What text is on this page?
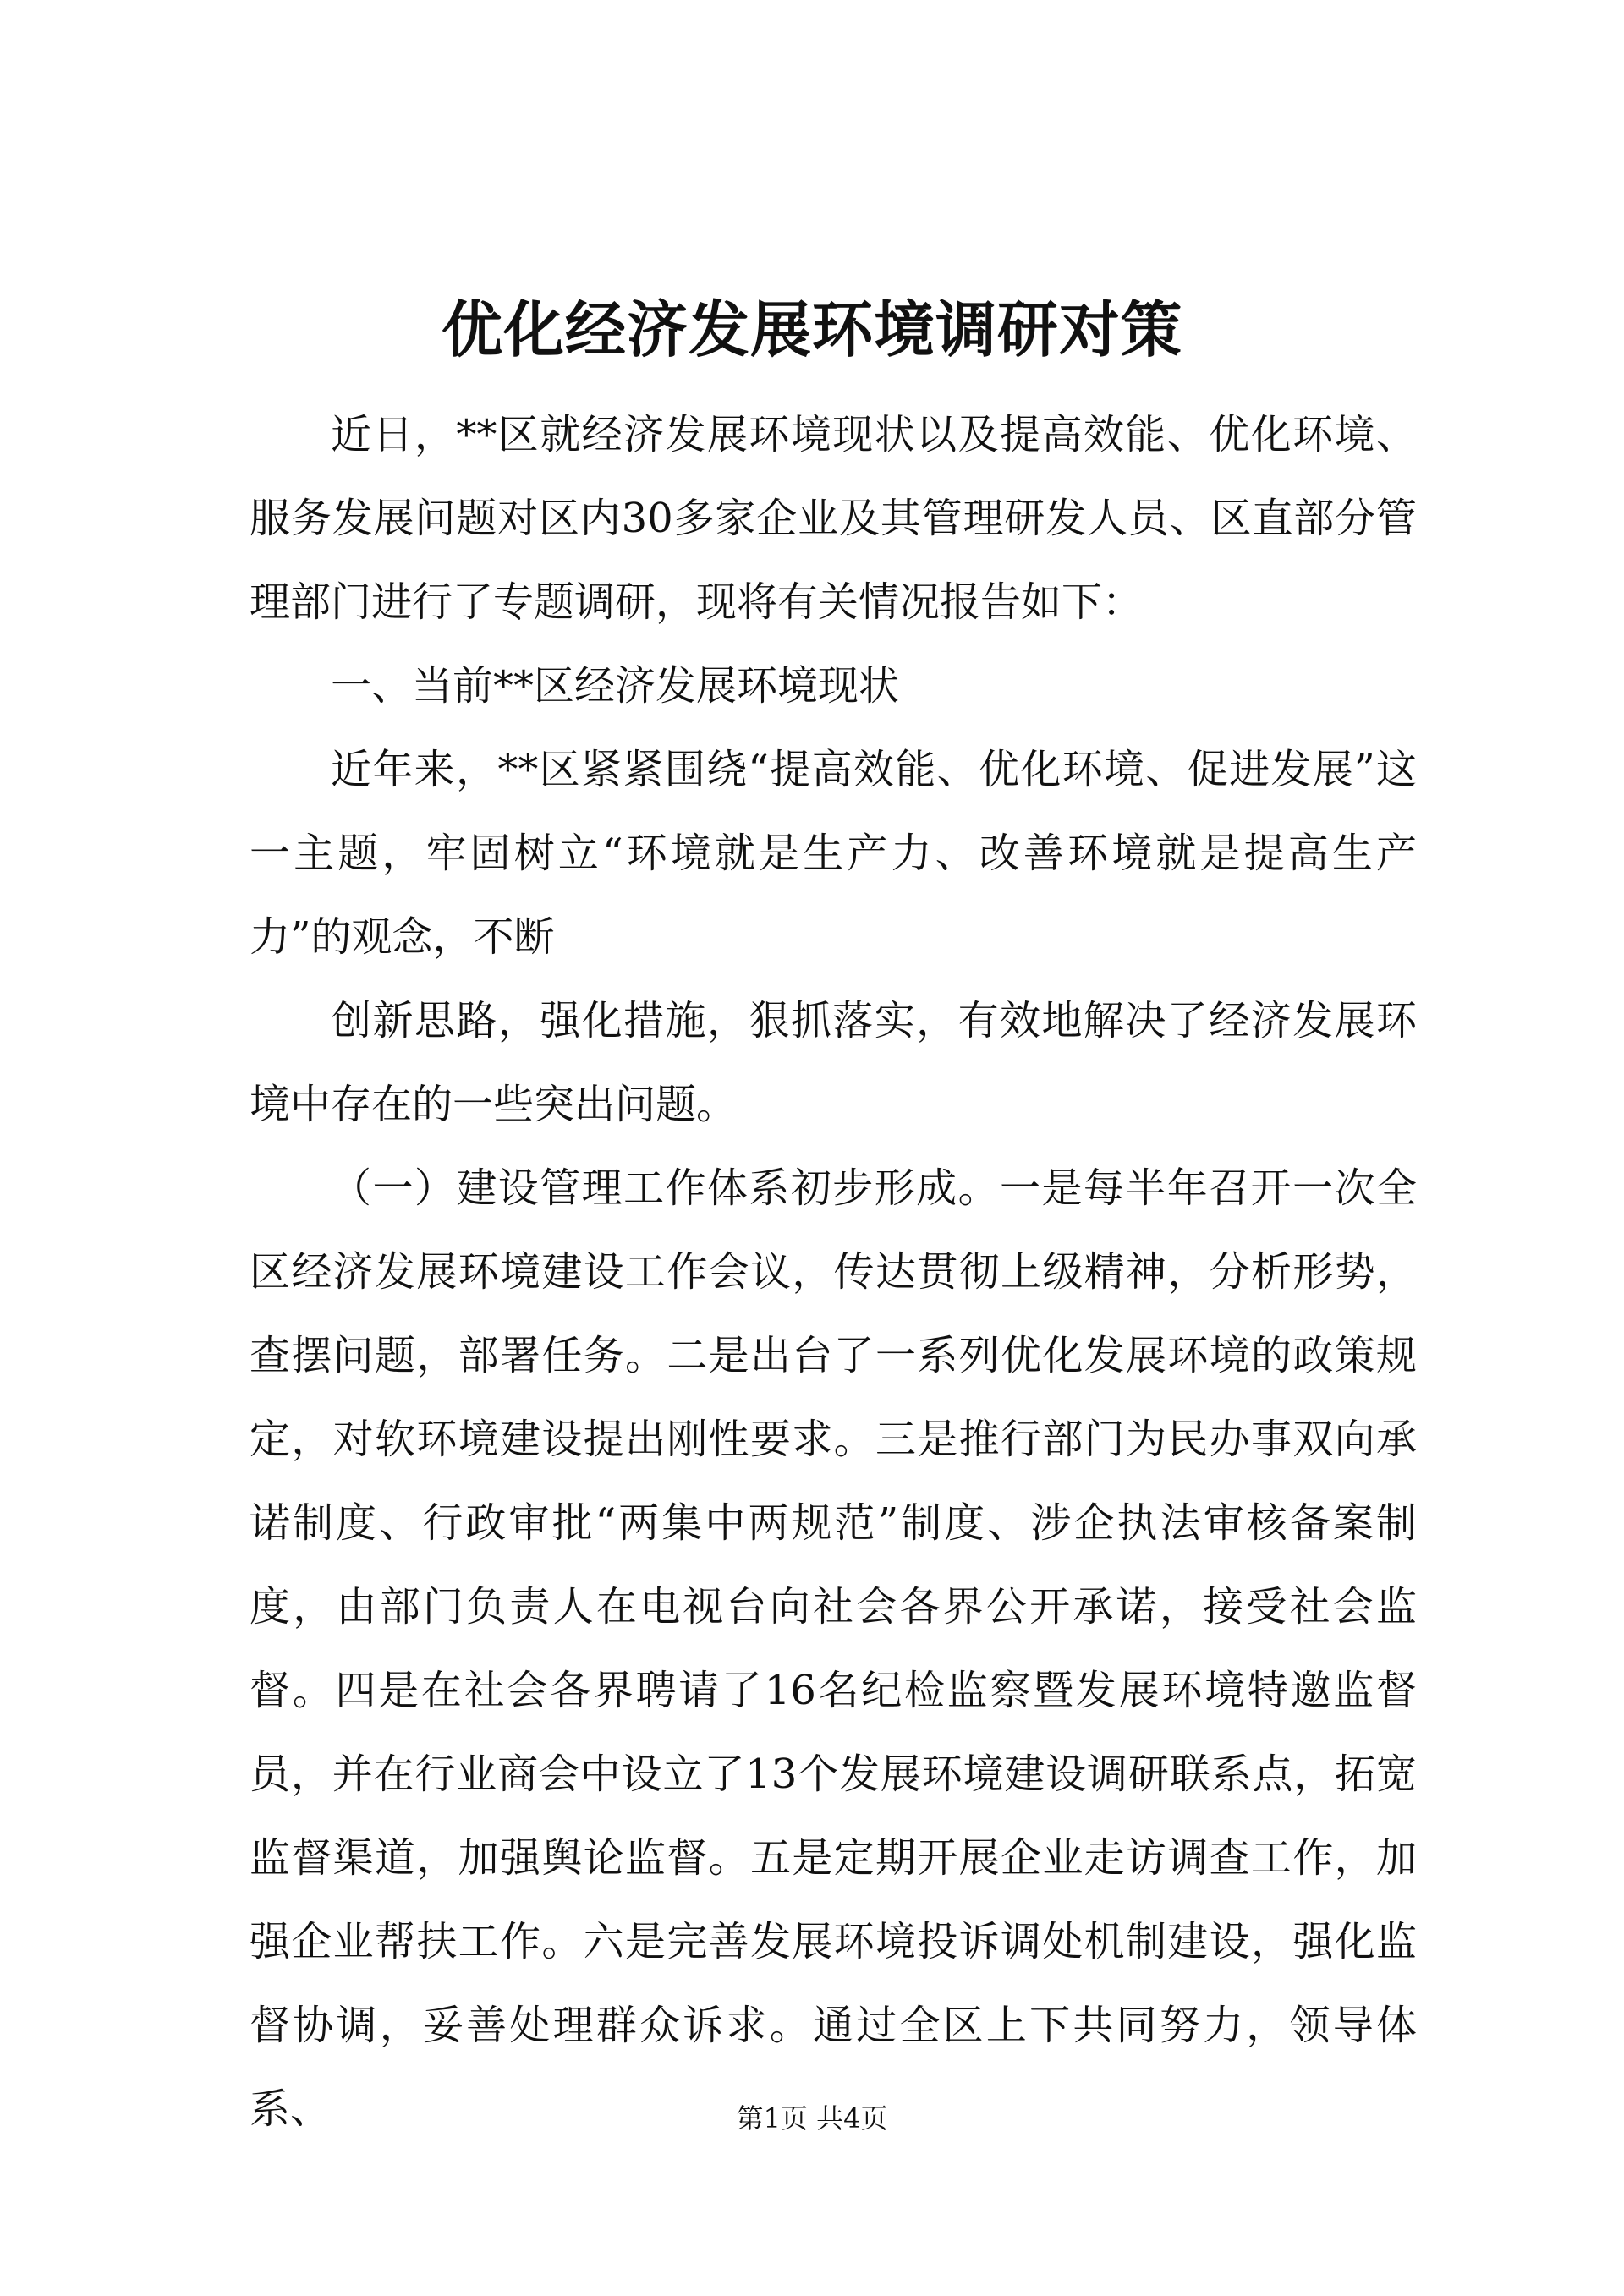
优化经济发展环境调研对策

近日，**区就经济发展环境现状以及提高效能、优化环境、服务发展问题对区内30多家企业及其管理研发人员、区直部分管理部门进行了专题调研，现将有关情况报告如下：

一、当前**区经济发展环境现状

近年来，**区紧紧围绕“提高效能、优化环境、促进发展”这一主题，牢固树立“环境就是生产力、改善环境就是提高生产力”的观念，不断

创新思路，强化措施，狠抓落实，有效地解决了经济发展环境中存在的一些突出问题。

（一）建设管理工作体系初步形成。一是每半年召开一次全区经济发展环境建设工作会议，传达贯彻上级精神，分析形势，查摆问题，部署任务。二是出台了一系列优化发展环境的政策规定，对软环境建设提出刚性要求。三是推行部门为民办事双向承诺制度、行政审批“两集中两规范”制度、涉企执法审核备案制度，由部门负责人在电视台向社会各界公开承诺，接受社会监督。四是在社会各界聘请了16名纪检监察暨发展环境特邀监督员，并在行业商会中设立了13个发展环境建设调研联系点，拓宽监督渠道，加强舆论监督。五是定期开展企业走访调查工作，加强企业帮扶工作。六是完善发展环境投诉调处机制建设，强化监督协调，妥善处理群众诉求。通过全区上下共同努力，领导体系、	第1页 共4页
